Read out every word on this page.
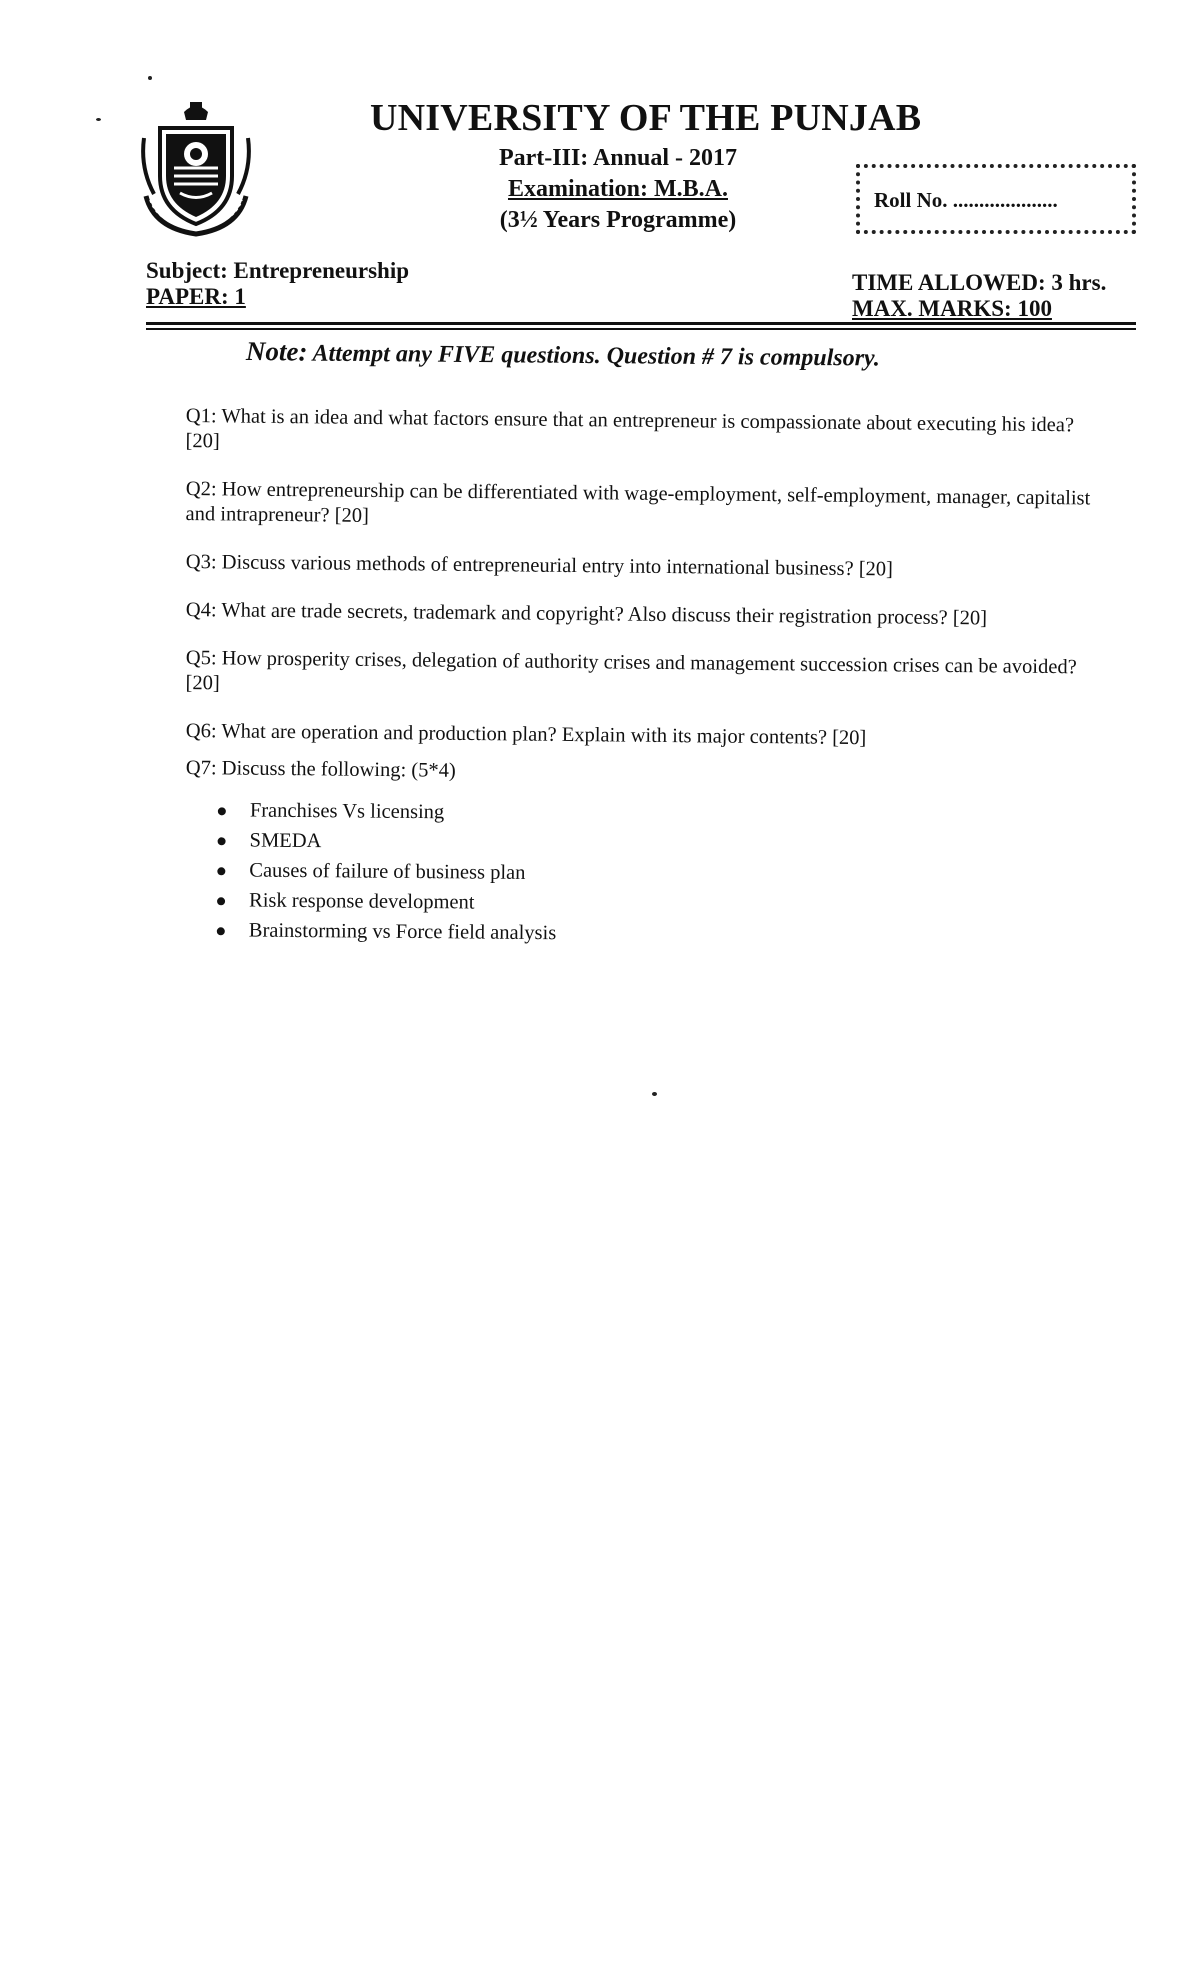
UNIVERSITY OF THE PUNJAB
Part-III: Annual - 2017
Examination: M.B.A.
(3½ Years Programme)
Roll No. ....................
Subject: Entrepreneurship
PAPER: 1
TIME ALLOWED: 3 hrs.
MAX. MARKS: 100
Note: Attempt any FIVE questions. Question # 7 is compulsory.

Q1: What is an idea and what factors ensure that an entrepreneur is compassionate about executing his idea? [20]

Q2: How entrepreneurship can be differentiated with wage-employment, self-employment, manager, capitalist and intrapreneur? [20]

Q3: Discuss various methods of entrepreneurial entry into international business? [20]

Q4: What are trade secrets, trademark and copyright? Also discuss their registration process? [20]

Q5: How prosperity crises, delegation of authority crises and management succession crises can be avoided? [20]

Q6: What are operation and production plan? Explain with its major contents? [20]

Q7: Discuss the following: (5*4)

Franchises Vs licensing
SMEDA
Causes of failure of business plan
Risk response development
Brainstorming vs Force field analysis
